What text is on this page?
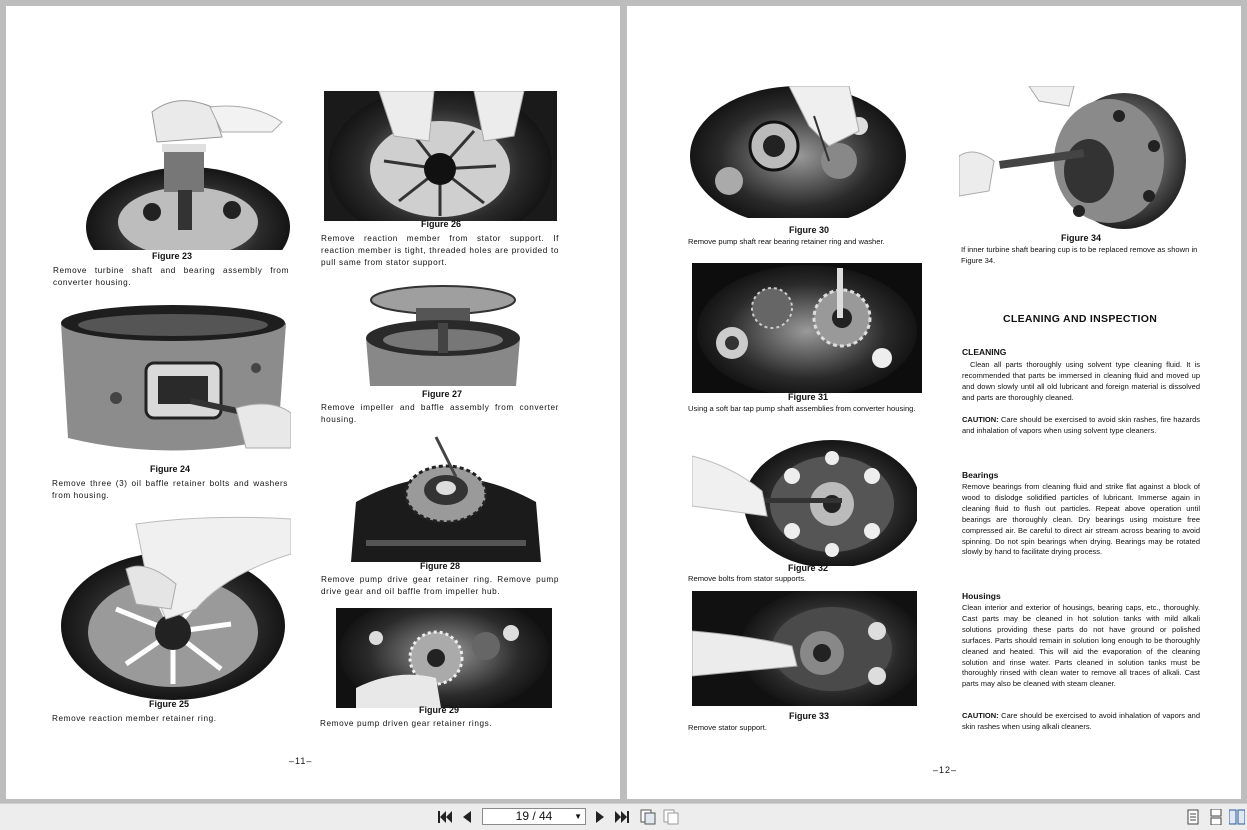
Figure 23
Remove turbine shaft and bearing assembly from converter housing.
Figure 24
Remove three (3) oil baffle retainer bolts and washers from housing.
Figure 25
Remove reaction member retainer ring.
Figure 26
Remove reaction member from stator support. If reaction member is tight, threaded holes are provided to pull same from stator support.
Figure 27
Remove impeller and baffle assembly from converter housing.
Figure 28
Remove pump drive gear retainer ring. Remove pump drive gear and oil baffle from impeller hub.
Figure 29
Remove pump driven gear retainer rings.
–11–
Figure 30
Remove pump shaft rear bearing retainer ring and washer.
Figure 31
Using a soft bar tap pump shaft assemblies from converter housing.
Figure 32
Remove bolts from stator supports.
Figure 33
Remove stator support.
Figure 34
If inner turbine shaft bearing cup is to be replaced remove as shown in Figure 34.
CLEANING AND INSPECTION
CLEANING
Clean all parts thoroughly using solvent type cleaning fluid. It is recommended that parts be immersed in cleaning fluid and moved up and down slowly until all old lubricant and foreign material is dissolved and parts are thoroughly cleaned.
CAUTION: Care should be exercised to avoid skin rashes, fire hazards and inhalation of vapors when using solvent type cleaners.
Bearings
Remove bearings from cleaning fluid and strike flat against a block of wood to dislodge solidified particles of lubricant. Immerse again in cleaning fluid to flush out particles. Repeat above operation until bearings are thoroughly clean. Dry bearings using moisture free compressed air. Be careful to direct air stream across bearing to avoid spinning. Do not spin bearings when drying. Bearings may be rotated slowly by hand to facilitate drying process.
Housings
Clean interior and exterior of housings, bearing caps, etc., thoroughly. Cast parts may be cleaned in hot solution tanks with mild alkali solutions providing these parts do not have ground or polished surfaces. Parts should remain in solution long enough to be thoroughly cleaned and heated. This will aid the evaporation of the cleaning solution and rinse water. Parts cleaned in solution tanks must be thoroughly rinsed with clean water to remove all traces of alkali. Cast parts may also be cleaned with steam cleaner.
CAUTION: Care should be exercised to avoid inhalation of vapors and skin rashes when using alkali cleaners.
–12–
19 / 44	▼
